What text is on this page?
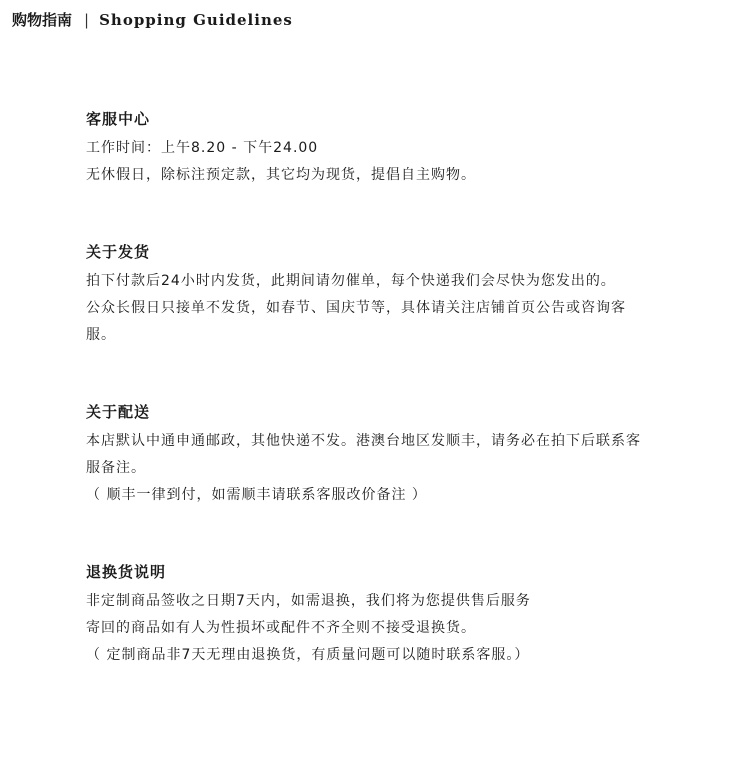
购物指南 | Shopping Guidelines
客服中心
工作时间：上午8.20 - 下午24.00
无休假日，除标注预定款，其它均为现货，提倡自主购物。
关于发货
拍下付款后24小时内发货，此期间请勿催单，每个快递我们会尽快为您发出的。
公众长假日只接单不发货，如春节、国庆节等，具体请关注店铺首页公告或咨询客
服。
关于配送
本店默认中通申通邮政，其他快递不发。港澳台地区发顺丰，请务必在拍下后联系客
服备注。
（ 顺丰一律到付，如需顺丰请联系客服改价备注 ）
退换货说明
非定制商品签收之日期7天内，如需退换，我们将为您提供售后服务
寄回的商品如有人为性损坏或配件不齐全则不接受退换货。
（ 定制商品非7天无理由退换货，有质量问题可以随时联系客服。）
